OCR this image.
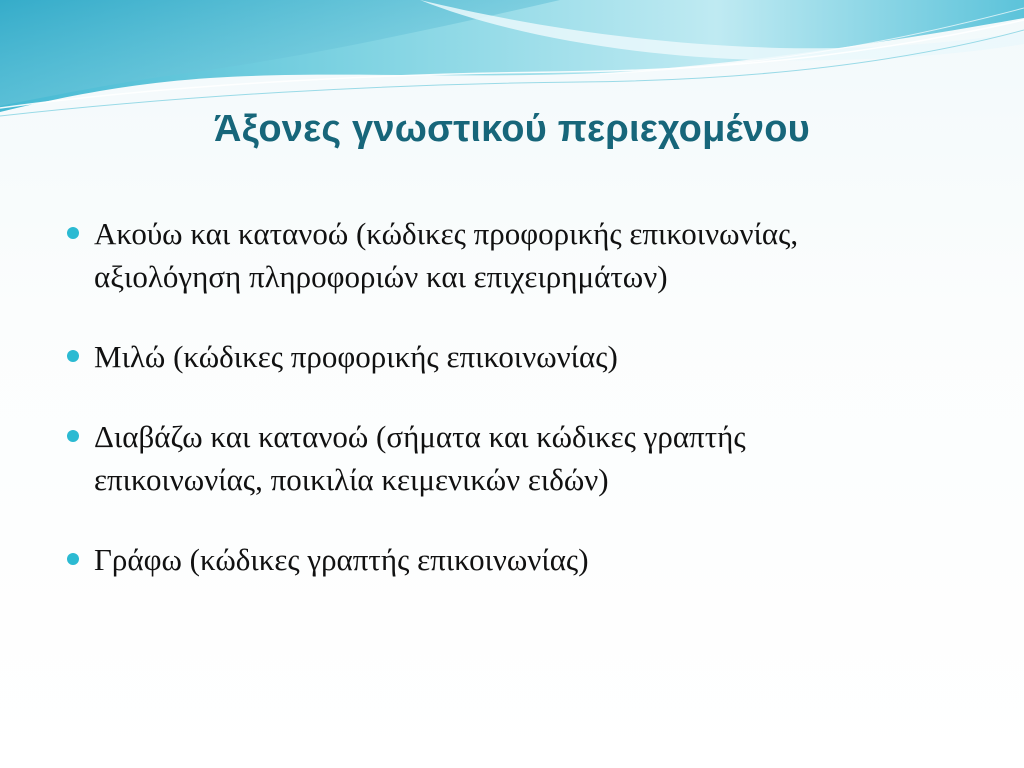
Άξονες γνωστικού περιεχομένου
Ακούω και κατανοώ (κώδικες προφορικής επικοινωνίας,
αξιολόγηση πληροφοριών και επιχειρημάτων)
Μιλώ (κώδικες προφορικής επικοινωνίας)
Διαβάζω και κατανοώ (σήματα και κώδικες γραπτής
επικοινωνίας, ποικιλία κειμενικών ειδών)
Γράφω (κώδικες γραπτής επικοινωνίας)
